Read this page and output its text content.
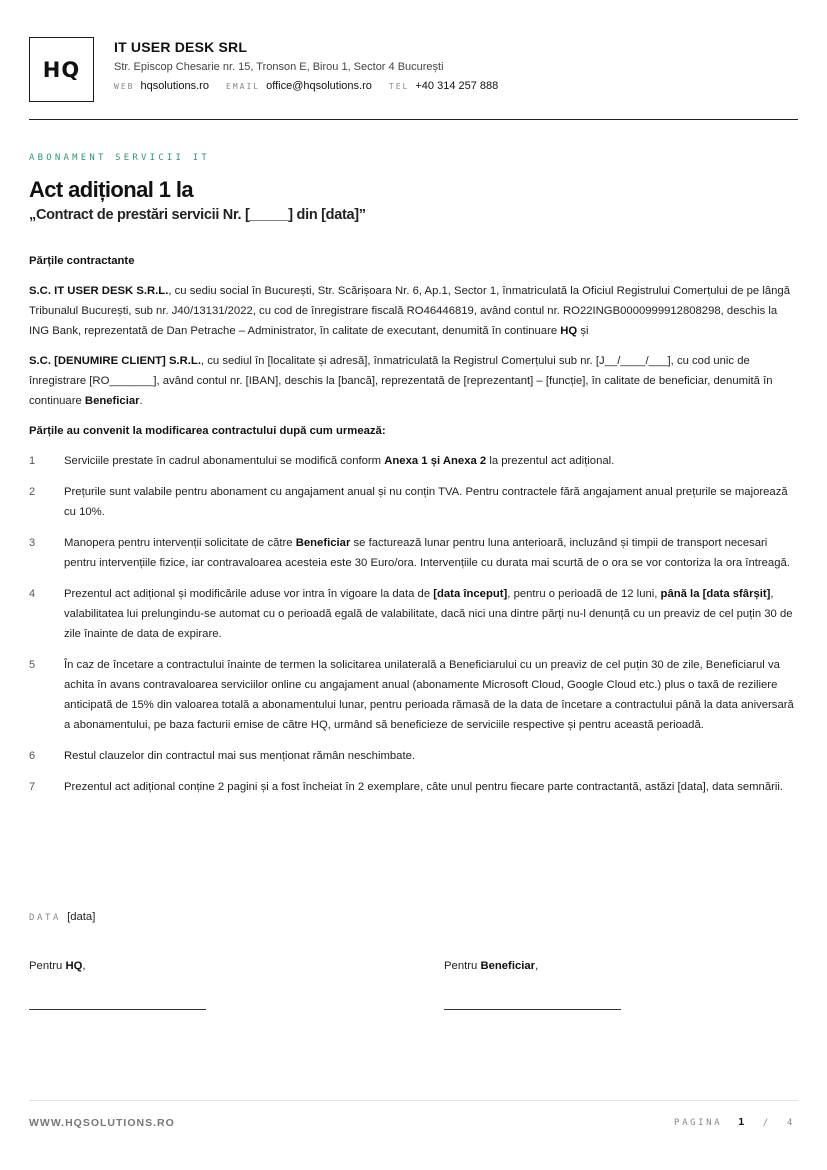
HQ
IT USER DESK SRL
Str. Episcop Chesarie nr. 15, Tronson E, Birou 1, Sector 4 București
WEB hqsolutions.ro EMAIL office@hqsolutions.ro TEL +40 314 257 888
ABONAMENT SERVICII IT
Act adițional 1 la
„Contract de prestări servicii Nr. [_____] din [data]”
Părțile contractante

S.C. IT USER DESK S.R.L., cu sediu social în București, Str. Scărișoara Nr. 6, Ap.1, Sector 1, înmatriculată la Oficiul Registrului Comerțului de pe lângă Tribunalul București, sub nr. J40/13131/2022, cu cod de înregistrare fiscală RO46446819, având contul nr. RO22INGB0000999912808298, deschis la ING Bank, reprezentată de Dan Petrache – Administrator, în calitate de executant, denumită în continuare HQ și

S.C. [DENUMIRE CLIENT] S.R.L., cu sediul în [localitate și adresă], înmatriculată la Registrul Comerțului sub nr. [J__/____/___], cu cod unic de înregistrare [RO_______], având contul nr. [IBAN], deschis la [bancă], reprezentată de [reprezentant] – [funcție], în calitate de beneficiar, denumită în continuare Beneficiar.

Părțile au convenit la modificarea contractului după cum urmează:
1	Serviciile prestate în cadrul abonamentului se modifică conform Anexa 1 și Anexa 2 la prezentul act adițional.
2	Prețurile sunt valabile pentru abonament cu angajament anual și nu conțin TVA. Pentru contractele fără angajament anual prețurile se majorează cu 10%.
3	Manopera pentru intervenții solicitate de către Beneficiar se facturează lunar pentru luna anterioară, incluzând și timpii de transport necesari pentru intervențiile fizice, iar contravaloarea acesteia este 30 Euro/ora. Intervențiile cu durata mai scurtă de o ora se vor contoriza la ora întreagă.
4	Prezentul act adițional și modificările aduse vor intra în vigoare la data de [data început], pentru o perioadă de 12 luni, până la [data sfârșit], valabilitatea lui prelungindu-se automat cu o perioadă egală de valabilitate, dacă nici una dintre părți nu-l denunță cu un preaviz de cel puțin 30 de zile înainte de data de expirare.
5	În caz de încetare a contractului înainte de termen la solicitarea unilaterală a Beneficiarului cu un preaviz de cel puțin 30 de zile, Beneficiarul va achita în avans contravaloarea serviciilor online cu angajament anual (abonamente Microsoft Cloud, Google Cloud etc.) plus o taxă de reziliere anticipată de 15% din valoarea totală a abonamentului lunar, pentru perioada rămasă de la data de încetare a contractului până la data aniversară a abonamentului, pe baza facturii emise de către HQ, urmând să beneficieze de serviciile respective și pentru această perioadă.
6	Restul clauzelor din contractul mai sus menționat rămân neschimbate.
7	Prezentul act adițional conține 2 pagini și a fost încheiat în 2 exemplare, câte unul pentru fiecare parte contractantă, astăzi [data], data semnării.
DATA [data]
Pentru HQ,	Pentru Beneficiar,
WWW.HQSOLUTIONS.RO	PAGINA 1 / 4
